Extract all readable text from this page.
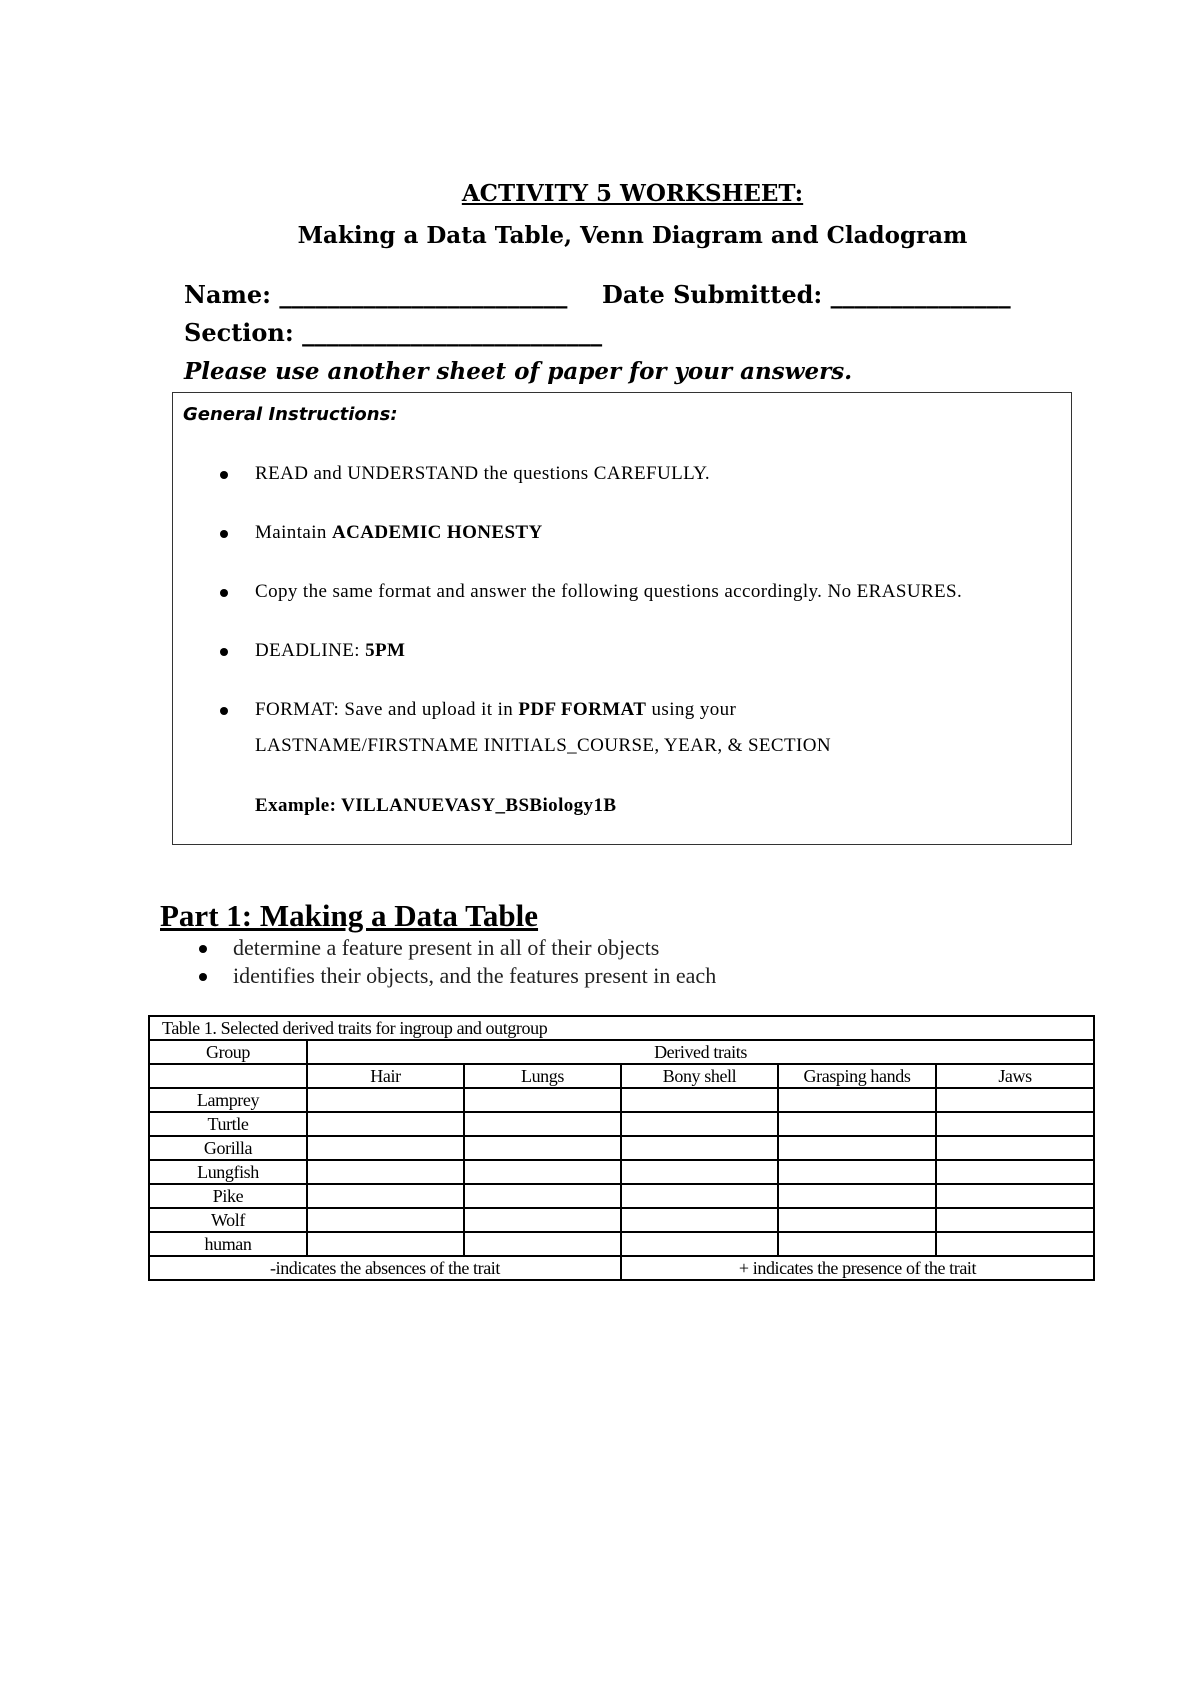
ACTIVITY 5 WORKSHEET:
Making a Data Table, Venn Diagram and Cladogram
Name: ________________________ Date Submitted: _______________
Section: _________________________
Please use another sheet of paper for your answers.
General Instructions:
READ and UNDERSTAND the questions CAREFULLY.
Maintain ACADEMIC HONESTY
Copy the same format and answer the following questions accordingly. No ERASURES.
DEADLINE: 5PM
FORMAT: Save and upload it in PDF FORMAT using your
LASTNAME/FIRSTNAME INITIALS_COURSE, YEAR, & SECTION
Example: VILLANUEVASY_BSBiology1B
Part 1: Making a Data Table
determine a feature present in all of their objects
identifies their objects, and the features present in each
Table 1. Selected derived traits for ingroup and outgroup					
Group	Derived traits				
	Hair	Lungs	Bony shell	Grasping hands	Jaws
Lamprey					
Turtle					
Gorilla					
Lungfish					
Pike					
Wolf					
human					
-indicates the absences of the trait			+ indicates the presence of the trait		
